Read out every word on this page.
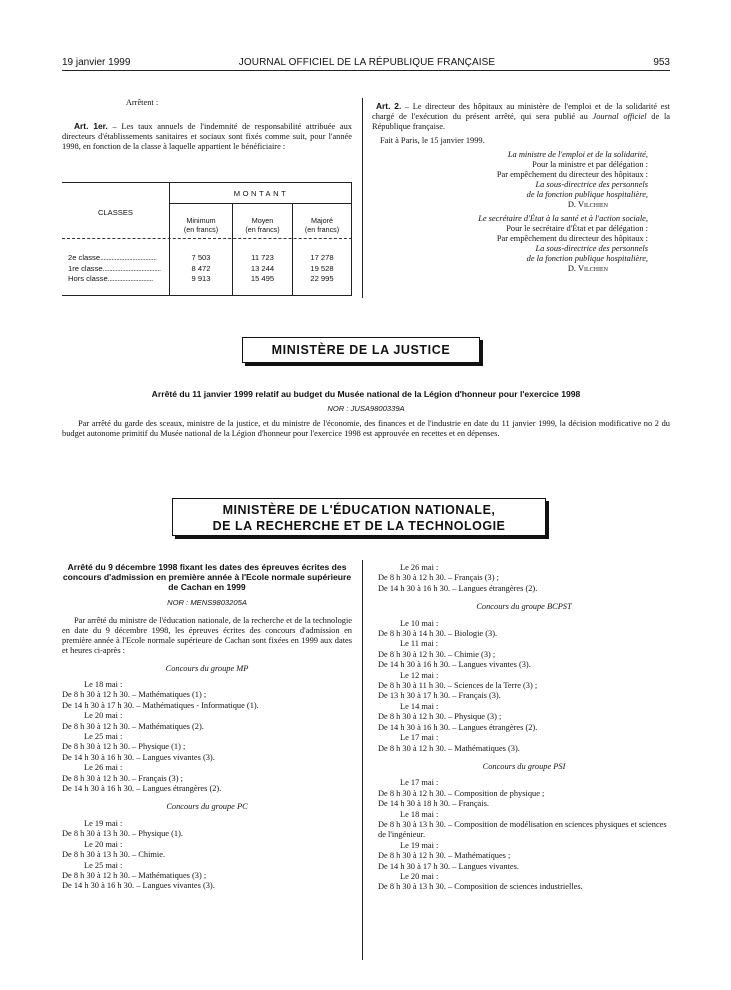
19 janvier 1999	JOURNAL OFFICIEL DE LA RÉPUBLIQUE FRANÇAISE	953

Arrêtent :

Art. 1er. – Les taux annuels de l'indemnité de responsabilité attribuée aux directeurs d'établissements sanitaires et sociaux sont fixés comme suit, pour l'année 1998, en fonction de la classe à laquelle appartient le bénéficiaire :

MONTANT
CLASSES
Minimum
(en francs)
Moyen
(en francs)
Majoré
(en francs)
2e classe...................................
1re classe....................................
Hors classe............................
7 503
8 472
9 913
11 723
13 244
15 495
17 278
19 528
22 995

Art. 2. – Le directeur des hôpitaux au ministère de l'emploi et de la solidarité est chargé de l'exécution du présent arrêté, qui sera publié au Journal officiel de la République française.

Fait à Paris, le 15 janvier 1999.

La ministre de l'emploi et de la solidarité,
Pour la ministre et par délégation :
Par empêchement du directeur des hôpitaux :
La sous-directrice des personnels
de la fonction publique hospitalière,
D. Vilchien
Le secrétaire d'État à la santé et à l'action sociale,
Pour le secrétaire d'État et par délégation :
Par empêchement du directeur des hôpitaux :
La sous-directrice des personnels
de la fonction publique hospitalière,
D. Vilchien
MINISTÈRE DE LA JUSTICE

Arrêté du 11 janvier 1999 relatif au budget du Musée national de la Légion d'honneur pour l'exercice 1998

NOR : JUSA9800339A

Par arrêté du garde des sceaux, ministre de la justice, et du ministre de l'économie, des finances et de l'industrie en date du 11 janvier 1999, la décision modificative no 2 du budget autonome primitif du Musée national de la Légion d'honneur pour l'exercice 1998 est approuvée en recettes et en dépenses.

MINISTÈRE DE L'ÉDUCATION NATIONALE,
DE LA RECHERCHE ET DE LA TECHNOLOGIE

Arrêté du 9 décembre 1998 fixant les dates des épreuves écrites des concours d'admission en première année à l'Ecole normale supérieure de Cachan en 1999

NOR : MENS9803205A

Par arrêté du ministre de l'éducation nationale, de la recherche et de la technologie en date du 9 décembre 1998, les épreuves écrites des concours d'admission en première année à l'Ecole normale supérieure de Cachan sont fixées en 1999 aux dates et heures ci-après :

Concours du groupe MP
Le 18 mai :
De 8 h 30 à 12 h 30. – Mathématiques (1) ;
De 14 h 30 à 17 h 30. – Mathématiques - Informatique (1).
Le 20 mai :
De 8 h 30 à 12 h 30. – Mathématiques (2).
Le 25 mai :
De 8 h 30 à 12 h 30. – Physique (1) ;
De 14 h 30 à 16 h 30. – Langues vivantes (3).
Le 26 mai :
De 8 h 30 à 12 h 30. – Français (3) ;
De 14 h 30 à 16 h 30. – Langues étrangères (2).
Concours du groupe PC
Le 19 mai :
De 8 h 30 à 13 h 30. – Physique (1).
Le 20 mai :
De 8 h 30 à 13 h 30. – Chimie.
Le 25 mai :
De 8 h 30 à 12 h 30. – Mathématiques (3) ;
De 14 h 30 à 16 h 30. – Langues vivantes (3).
Le 26 mai :
De 8 h 30 à 12 h 30. – Français (3) ;
De 14 h 30 à 16 h 30. – Langues étrangères (2).
Concours du groupe BCPST
Le 10 mai :
De 8 h 30 à 14 h 30. – Biologie (3).
Le 11 mai :
De 8 h 30 à 12 h 30. – Chimie (3) ;
De 14 h 30 à 16 h 30. – Langues vivantes (3).
Le 12 mai :
De 8 h 30 à 11 h 30. – Sciences de la Terre (3) ;
De 13 h 30 à 17 h 30. – Français (3).
Le 14 mai :
De 8 h 30 à 12 h 30. – Physique (3) ;
De 14 h 30 à 16 h 30. – Langues étrangères (2).
Le 17 mai :
De 8 h 30 à 12 h 30. – Mathématiques (3).
Concours du groupe PSI
Le 17 mai :
De 8 h 30 à 12 h 30. – Composition de physique ;
De 14 h 30 à 18 h 30. – Français.
Le 18 mai :
De 8 h 30 à 13 h 30. – Composition de modélisation en sciences physiques et sciences de l'ingénieur.
Le 19 mai :
De 8 h 30 à 12 h 30. – Mathématiques ;
De 14 h 30 à 17 h 30. – Langues vivantes.
Le 20 mai :
De 8 h 30 à 13 h 30. – Composition de sciences industrielles.
